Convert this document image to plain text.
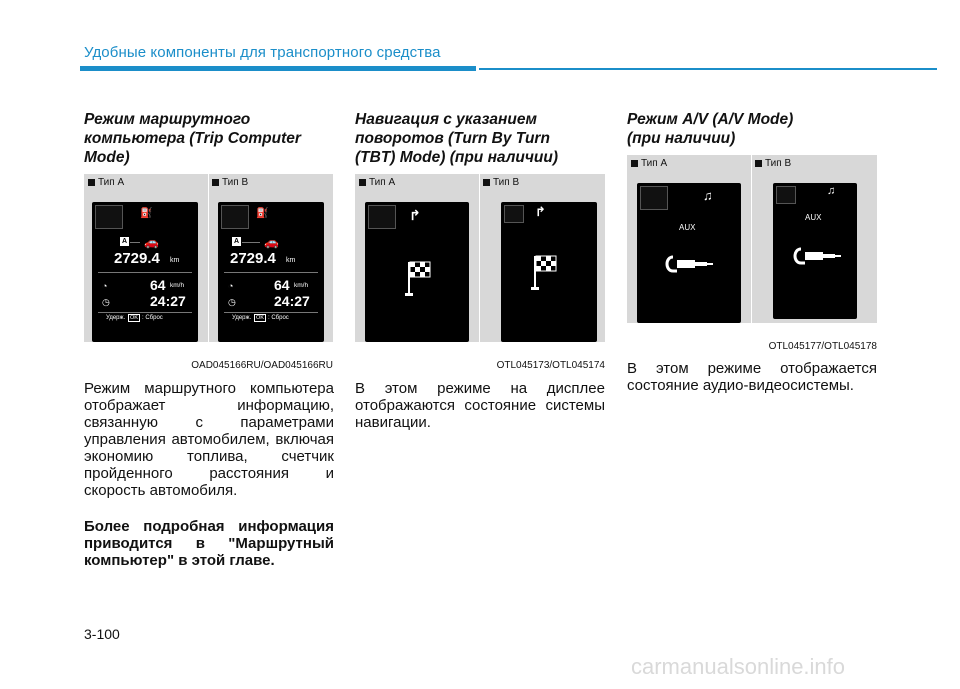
Удобные компоненты для транспортного средства
Режим маршрутного
компьютера (Trip Computer
Mode)
Тип A	Тип B
⛽
A 🚗
2729.4 km
◔	64 km/h
◷	24:27
Удерж. OK : Сброс
⛽
A 🚗
2729.4 km
◔	64 km/h
◷	24:27
Удерж. OK : Сброс
OAD045166RU/OAD045166RU
Режим маршрутного компьютера отображает информацию, связанную с параметрами управления автомобилем, включая экономию топлива, счетчик пройденного расстояния и скорость автомобиля.
Более подробная информация приводится в "Маршрутный компьютер" в этой главе.
Навигация с указанием
поворотов (Turn By Turn
(TBT) Mode) (при наличии)
Тип A	Тип B
↱	↱
OTL045173/OTL045174
В этом режиме на дисплее отображаются состояние системы навигации.
Режим A/V (A/V Mode)
(при наличии)
Тип A	Тип B
♫
AUX
♫
AUX
OTL045177/OTL045178
В этом режиме отображается состояние аудио-видеосистемы.
3-100
carmanualsonline.info
